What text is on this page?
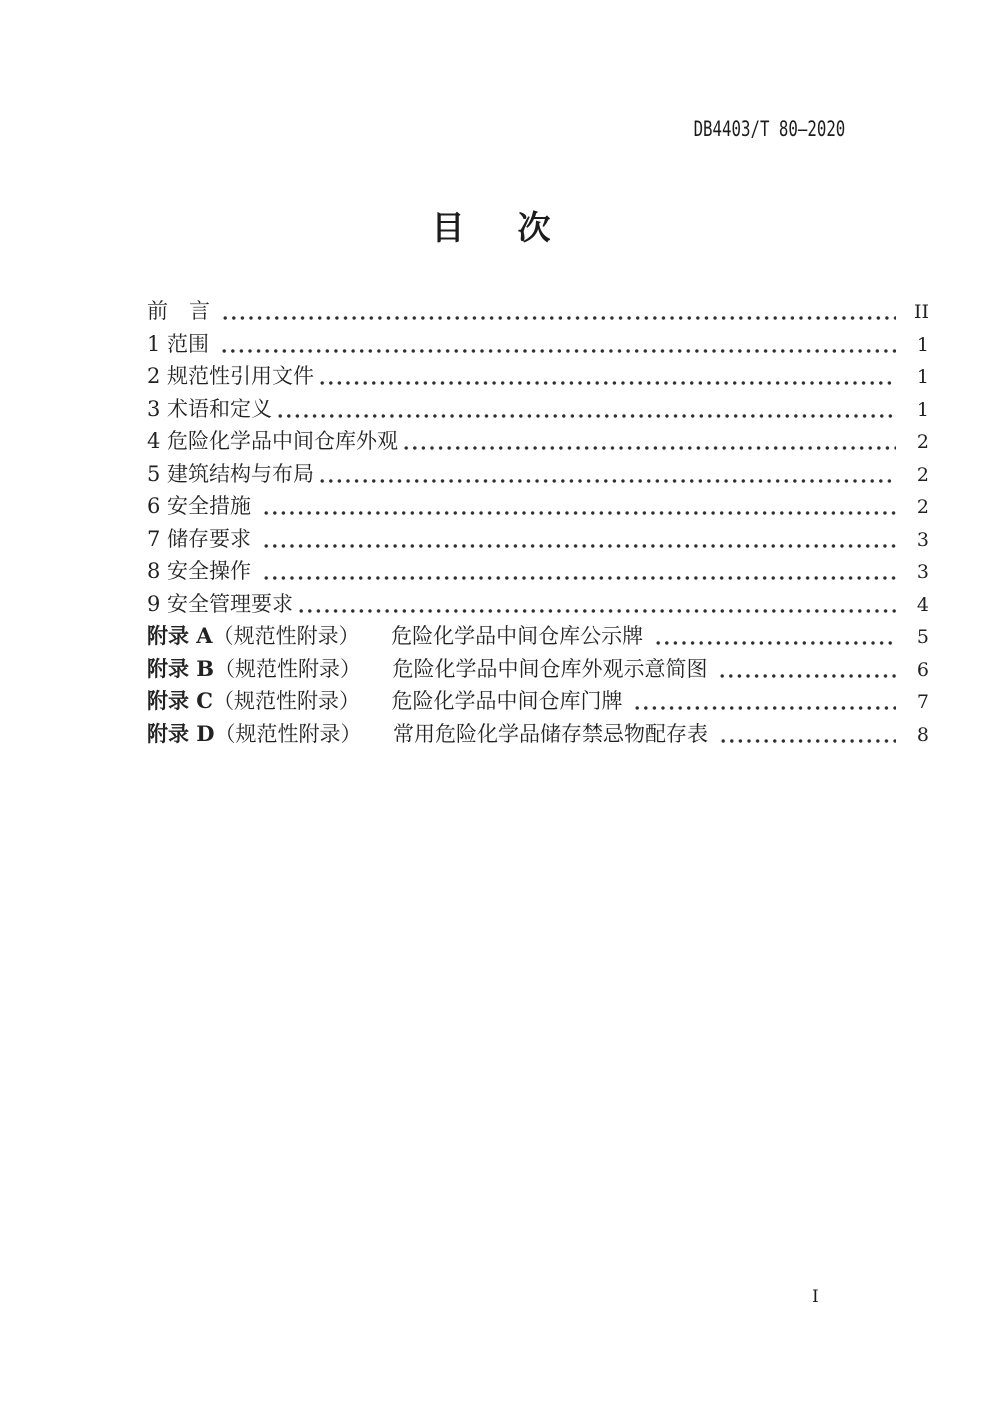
DB4403/T 80—2020
目　次
前　言	II
1 范围	1
2 规范性引用文件	1
3 术语和定义	1
4 危险化学品中间仓库外观	2
5 建筑结构与布局	2
6 安全措施	2
7 储存要求	3
8 安全操作	3
9 安全管理要求	4
附录 A （规范性附录）　　危险化学品中间仓库公示牌	5
附录 B （规范性附录）　　危险化学品中间仓库外观示意简图	6
附录 C （规范性附录）　　危险化学品中间仓库门牌	7
附录 D （规范性附录）　　常用危险化学品储存禁忌物配存表	8
I
